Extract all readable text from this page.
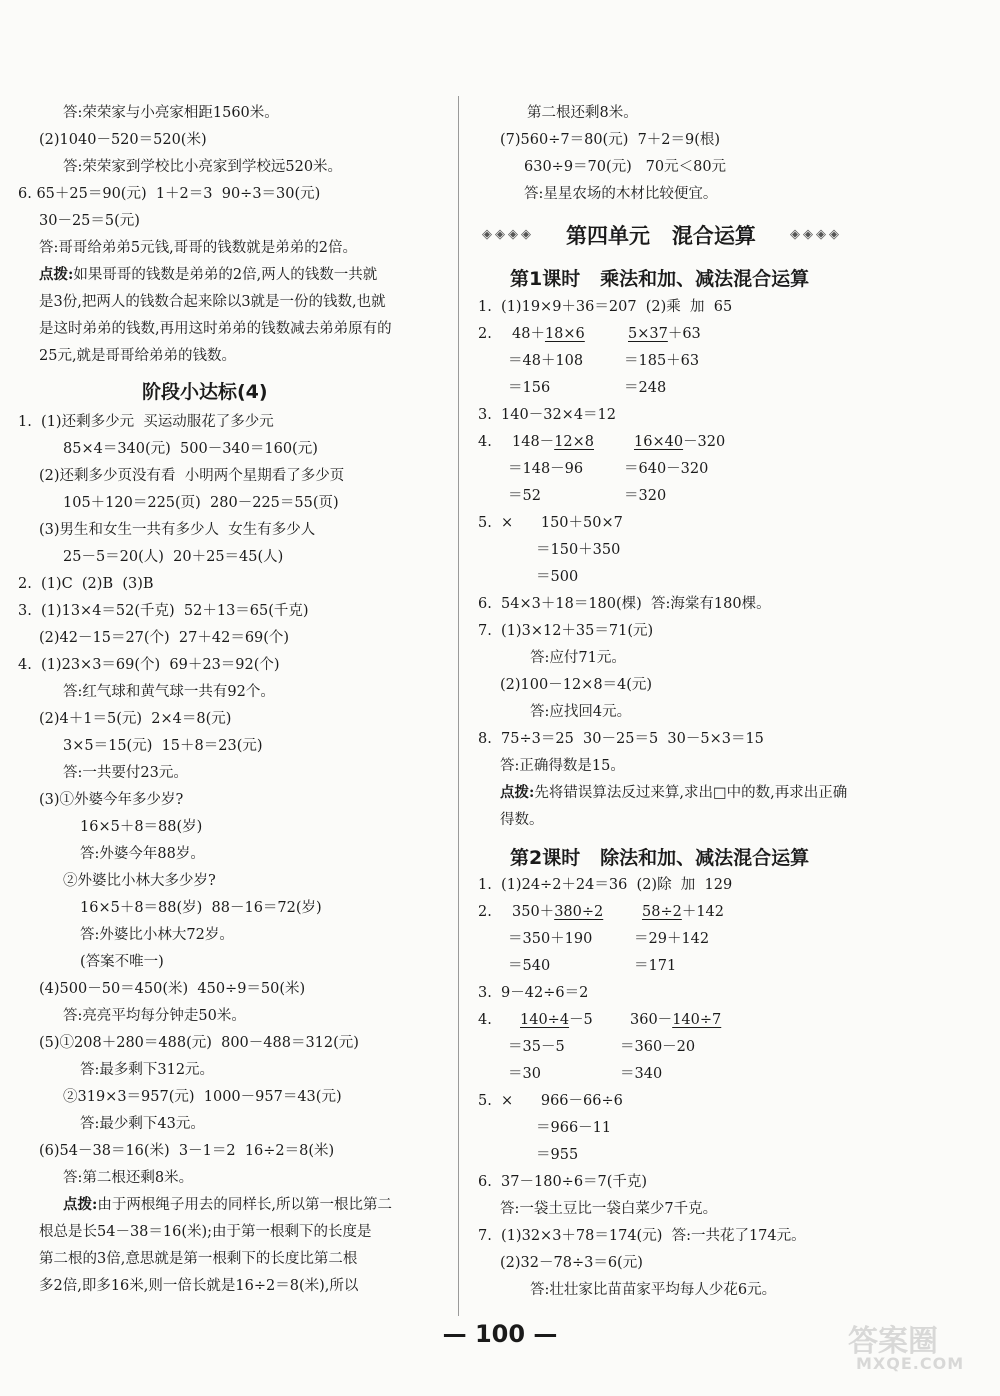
答:荣荣家与小亮家相距1560米。
(2)1040－520＝520(米)
答:荣荣家到学校比小亮家到学校远520米。
6. 65＋25＝90(元)  1＋2＝3  90÷3＝30(元)
30－25＝5(元)
答:哥哥给弟弟5元钱,哥哥的钱数就是弟弟的2倍。
点拨:如果哥哥的钱数是弟弟的2倍,两人的钱数一共就
是3份,把两人的钱数合起来除以3就是一份的钱数,也就
是这时弟弟的钱数,再用这时弟弟的钱数减去弟弟原有的
25元,就是哥哥给弟弟的钱数。
阶段小达标(4)
1.  (1)还剩多少元  买运动服花了多少元
85×4＝340(元)  500－340＝160(元)
(2)还剩多少页没有看  小明两个星期看了多少页
105＋120＝225(页)  280－225＝55(页)
(3)男生和女生一共有多少人  女生有多少人
25－5＝20(人)  20＋25＝45(人)
2.  (1)C  (2)B  (3)B
3.  (1)13×4＝52(千克)  52＋13＝65(千克)
(2)42－15＝27(个)  27＋42＝69(个)
4.  (1)23×3＝69(个)  69＋23＝92(个)
答:红气球和黄气球一共有92个。
(2)4＋1＝5(元)  2×4＝8(元)
3×5＝15(元)  15＋8＝23(元)
答:一共要付23元。
(3)①外婆今年多少岁?
16×5＋8＝88(岁)
答:外婆今年88岁。
②外婆比小林大多少岁?
16×5＋8＝88(岁)  88－16＝72(岁)
答:外婆比小林大72岁。
(答案不唯一)
(4)500－50＝450(米)  450÷9＝50(米)
答:亮亮平均每分钟走50米。
(5)①208＋280＝488(元)  800－488＝312(元)
答:最多剩下312元。
②319×3＝957(元)  1000－957＝43(元)
答:最少剩下43元。
(6)54－38＝16(米)  3－1＝2  16÷2＝8(米)
答:第二根还剩8米。
点拨:由于两根绳子用去的同样长,所以第一根比第二
根总是长54－38＝16(米);由于第一根剩下的长度是
第二根的3倍,意思就是第一根剩下的长度比第二根
多2倍,即多16米,则一倍长就是16÷2＝8(米),所以
第二根还剩8米。
(7)560÷7＝80(元)  7＋2＝9(根)
630÷9＝70(元)   70元＜80元
答:星星农场的木材比较便宜。
◈◈◈◈ 第四单元   混合运算	◈◈◈◈
第1课时   乘法和加、减法混合运算
1.  (1)19×9＋36＝207  (2)乘  加  65
2. 48＋18×6	5×37＋63
＝48＋108	＝185＋63
＝156	＝248
3.  140－32×4＝12
4. 148－12×8	16×40－320
＝148－96	＝640－320
＝52	＝320
5.  ×      150＋50×7
＝150＋350
＝500
6.  54×3＋18＝180(棵)  答:海棠有180棵。
7.  (1)3×12＋35＝71(元)
答:应付71元。
(2)100－12×8＝4(元)
答:应找回4元。
8.  75÷3＝25  30－25＝5  30－5×3＝15
答:正确得数是15。
点拨:先将错误算法反过来算,求出□中的数,再求出正确
得数。
第2课时   除法和加、减法混合运算
1.  (1)24÷2＋24＝36  (2)除  加  129
2. 350＋380÷2	58÷2＋142
＝350＋190	＝29＋142
＝540	＝171
3.  9－42÷6＝2
4. 140÷4－5	360－140÷7
＝35－5	＝360－20
＝30	＝340
5.  ×      966－66÷6
＝966－11
＝955
6.  37－180÷6＝7(千克)
答:一袋土豆比一袋白菜少7千克。
7.  (1)32×3＋78＝174(元)  答:一共花了174元。
(2)32－78÷3＝6(元)
答:壮壮家比苗苗家平均每人少花6元。
— 100 —	答案圈
MXQE.COM
